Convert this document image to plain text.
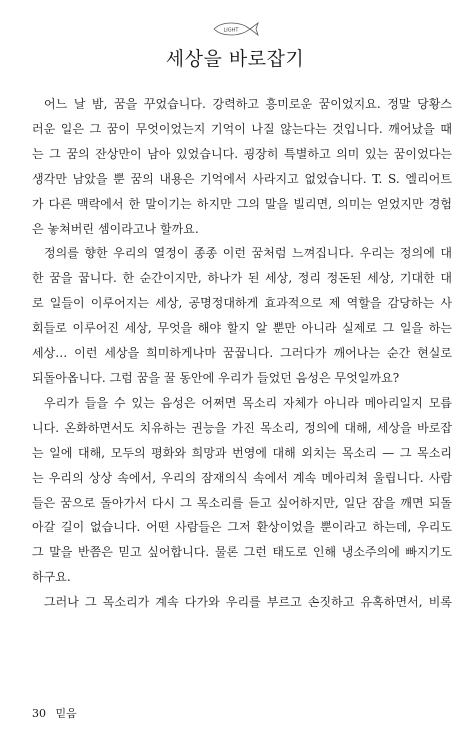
LIGHT
세상을 바로잡기
어느 날 밤, 꿈을 꾸었습니다. 강력하고 흥미로운 꿈이었지요. 정말 당황스
러운 일은 그 꿈이 무엇이었는지 기억이 나질 않는다는 것입니다. 깨어났을 때
는 그 꿈의 잔상만이 남아 있었습니다. 굉장히 특별하고 의미 있는 꿈이었다는
생각만 남았을 뿐 꿈의 내용은 기억에서 사라지고 없었습니다. T. S. 엘리어트
가 다른 맥락에서 한 말이기는 하지만 그의 말을 빌리면, 의미는 얻었지만 경험
은 놓쳐버린 셈이라고나 할까요.
정의를 향한 우리의 열정이 종종 이런 꿈처럼 느껴집니다. 우리는 정의에 대
한 꿈을 꿉니다. 한 순간이지만, 하나가 된 세상, 정리 정돈된 세상, 기대한 대
로 일들이 이루어지는 세상, 공명정대하게 효과적으로 제 역할을 감당하는 사
회들로 이루어진 세상, 무엇을 해야 할지 알 뿐만 아니라 실제로 그 일을 하는
세상… 이런 세상을 희미하게나마 꿈꿉니다. 그러다가 깨어나는 순간 현실로
되돌아옵니다. 그럼 꿈을 꿀 동안에 우리가 들었던 음성은 무엇일까요?
우리가 들을 수 있는 음성은 어쩌면 목소리 자체가 아니라 메아리일지 모릅
니다. 온화하면서도 치유하는 권능을 가진 목소리, 정의에 대해, 세상을 바로잡
는 일에 대해, 모두의 평화와 희망과 번영에 대해 외치는 목소리 — 그 목소리
는 우리의 상상 속에서, 우리의 잠재의식 속에서 계속 메아리쳐 울립니다. 사람
들은 꿈으로 돌아가서 다시 그 목소리를 듣고 싶어하지만, 일단 잠을 깨면 되돌
아갈 길이 없습니다. 어떤 사람들은 그저 환상이었을 뿐이라고 하는데, 우리도
그 말을 반쯤은 믿고 싶어합니다. 물론 그런 태도로 인해 냉소주의에 빠지기도
하구요.
그러나 그 목소리가 계속 다가와 우리를 부르고 손짓하고 유혹하면서, 비록
30 믿음
